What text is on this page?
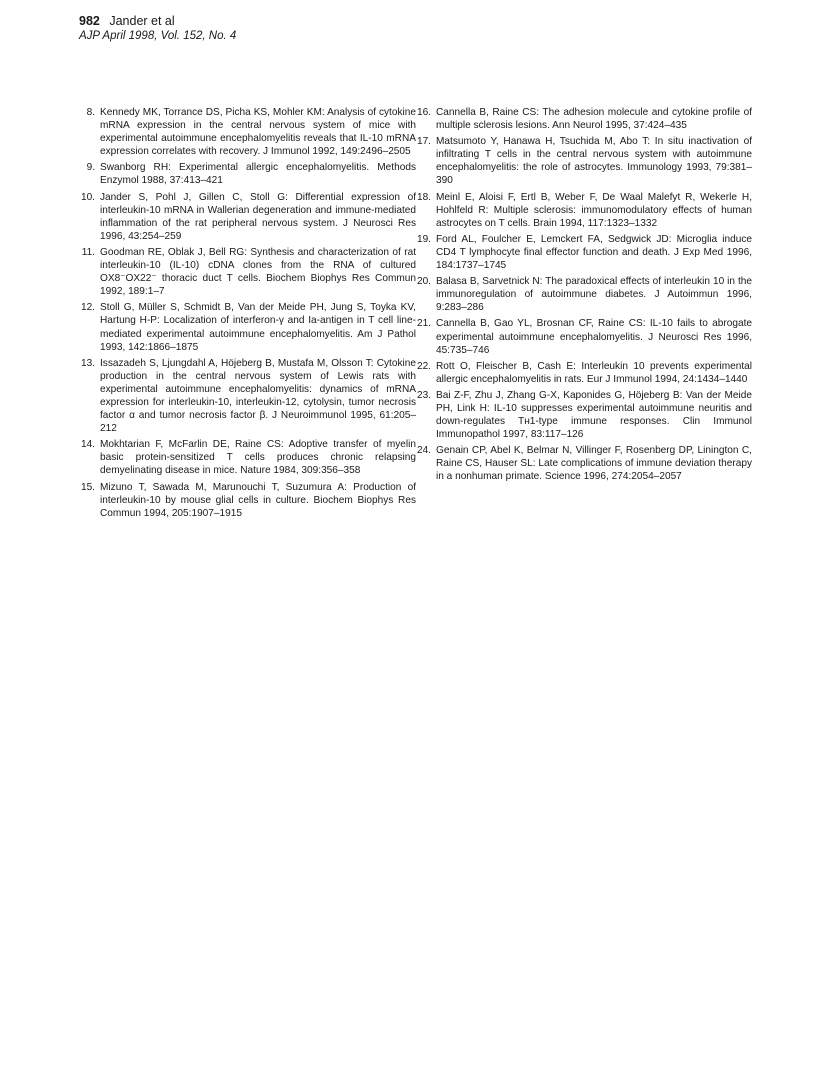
982 Jander et al
AJP April 1998, Vol. 152, No. 4
8. Kennedy MK, Torrance DS, Picha KS, Mohler KM: Analysis of cytokine mRNA expression in the central nervous system of mice with experimental autoimmune encephalomyelitis reveals that IL-10 mRNA expression correlates with recovery. J Immunol 1992, 149:2496–2505
9. Swanborg RH: Experimental allergic encephalomyelitis. Methods Enzymol 1988, 37:413–421
10. Jander S, Pohl J, Gillen C, Stoll G: Differential expression of interleukin-10 mRNA in Wallerian degeneration and immune-mediated inflammation of the rat peripheral nervous system. J Neurosci Res 1996, 43:254–259
11. Goodman RE, Oblak J, Bell RG: Synthesis and characterization of rat interleukin-10 (IL-10) cDNA clones from the RNA of cultured OX8⁻OX22⁻ thoracic duct T cells. Biochem Biophys Res Commun 1992, 189:1–7
12. Stoll G, Müller S, Schmidt B, Van der Meide PH, Jung S, Toyka KV, Hartung H-P: Localization of interferon-γ and Ia-antigen in T cell line-mediated experimental autoimmune encephalomyelitis. Am J Pathol 1993, 142:1866–1875
13. Issazadeh S, Ljungdahl A, Höjeberg B, Mustafa M, Olsson T: Cytokine production in the central nervous system of Lewis rats with experimental autoimmune encephalomyelitis: dynamics of mRNA expression for interleukin-10, interleukin-12, cytolysin, tumor necrosis factor α and tumor necrosis factor β. J Neuroimmunol 1995, 61:205–212
14. Mokhtarian F, McFarlin DE, Raine CS: Adoptive transfer of myelin basic protein-sensitized T cells produces chronic relapsing demyelinating disease in mice. Nature 1984, 309:356–358
15. Mizuno T, Sawada M, Marunouchi T, Suzumura A: Production of interleukin-10 by mouse glial cells in culture. Biochem Biophys Res Commun 1994, 205:1907–1915
16. Cannella B, Raine CS: The adhesion molecule and cytokine profile of multiple sclerosis lesions. Ann Neurol 1995, 37:424–435
17. Matsumoto Y, Hanawa H, Tsuchida M, Abo T: In situ inactivation of infiltrating T cells in the central nervous system with autoimmune encephalomyelitis: the role of astrocytes. Immunology 1993, 79:381–390
18. Meinl E, Aloisi F, Ertl B, Weber F, De Waal Malefyt R, Wekerle H, Hohlfeld R: Multiple sclerosis: immunomodulatory effects of human astrocytes on T cells. Brain 1994, 117:1323–1332
19. Ford AL, Foulcher E, Lemckert FA, Sedgwick JD: Microglia induce CD4 T lymphocyte final effector function and death. J Exp Med 1996, 184:1737–1745
20. Balasa B, Sarvetnick N: The paradoxical effects of interleukin 10 in the immunoregulation of autoimmune diabetes. J Autoimmun 1996, 9:283–286
21. Cannella B, Gao YL, Brosnan CF, Raine CS: IL-10 fails to abrogate experimental autoimmune encephalomyelitis. J Neurosci Res 1996, 45:735–746
22. Rott O, Fleischer B, Cash E: Interleukin 10 prevents experimental allergic encephalomyelitis in rats. Eur J Immunol 1994, 24:1434–1440
23. Bai Z-F, Zhu J, Zhang G-X, Kaponides G, Höjeberg B: Van der Meide PH, Link H: IL-10 suppresses experimental autoimmune neuritis and down-regulates Tʜ1-type immune responses. Clin Immunol Immunopathol 1997, 83:117–126
24. Genain CP, Abel K, Belmar N, Villinger F, Rosenberg DP, Linington C, Raine CS, Hauser SL: Late complications of immune deviation therapy in a nonhuman primate. Science 1996, 274:2054–2057
